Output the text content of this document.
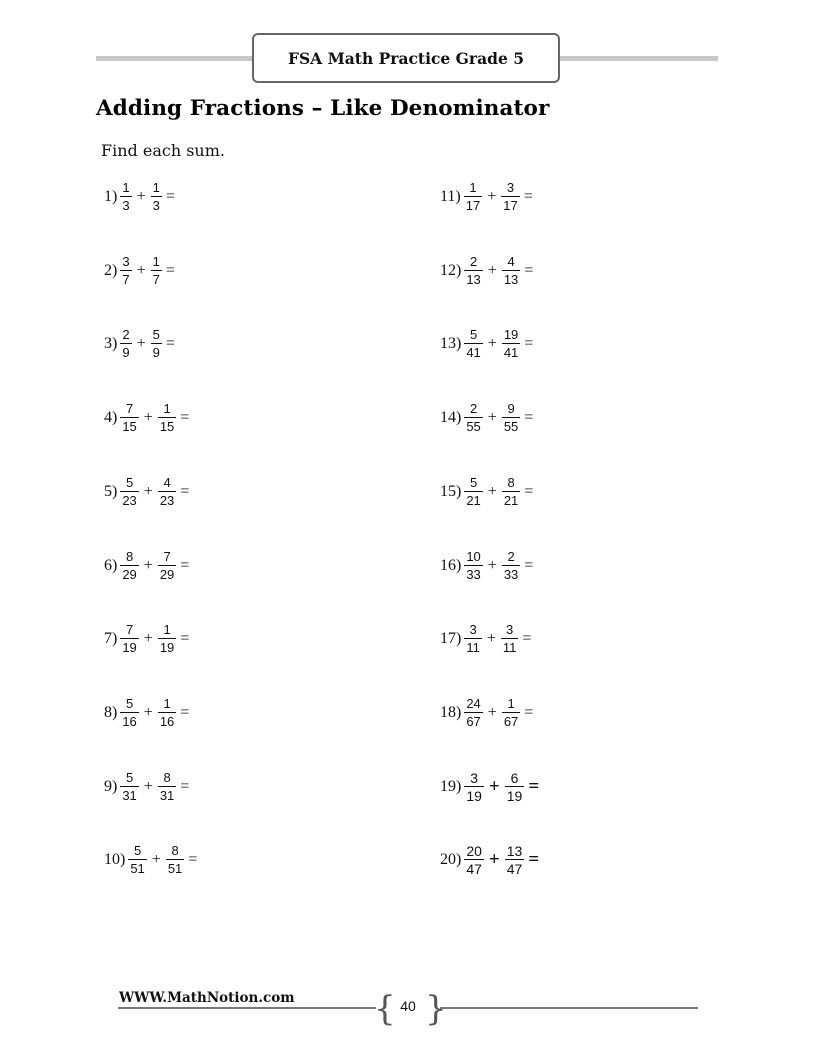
FSA Math Practice Grade 5
Adding Fractions – Like Denominator
Find each sum.
$1) \frac{1}{3} + \frac{1}{3}$ =
$2) \frac{3}{7} + \frac{1}{7}$ =
$3) \frac{2}{9} + \frac{5}{9}$ =
$4) \frac{7}{15} + \frac{1}{15}$ =
$5) \frac{5}{23} + \frac{4}{23}$ =
$6) \frac{8}{29} + \frac{7}{29}$ =
$7) \frac{7}{19} + \frac{1}{19}$ =
$8) \frac{5}{16} + \frac{1}{16}$ =
$9) \frac{5}{31} + \frac{8}{31}$ =
$10) \frac{5}{51} + \frac{8}{51}$ =
$11) \frac{1}{17} + \frac{3}{17}$ =
$12) \frac{2}{13} + \frac{4}{13}$ =
$13) \frac{5}{41} + \frac{19}{41}$ =
$14) \frac{2}{55} + \frac{9}{55}$ =
$15) \frac{5}{21} + \frac{8}{21}$ =
$16) \frac{10}{33} + \frac{2}{33}$ =
$17) \frac{3}{11} + \frac{3}{11}$ =
$18) \frac{24}{67} + \frac{1}{67}$ =
$19) \frac{3}{19} + \frac{6}{19}$ =
$20) \frac{20}{47} + \frac{13}{47}$ =
WWW.MathNotion.com { }
40
